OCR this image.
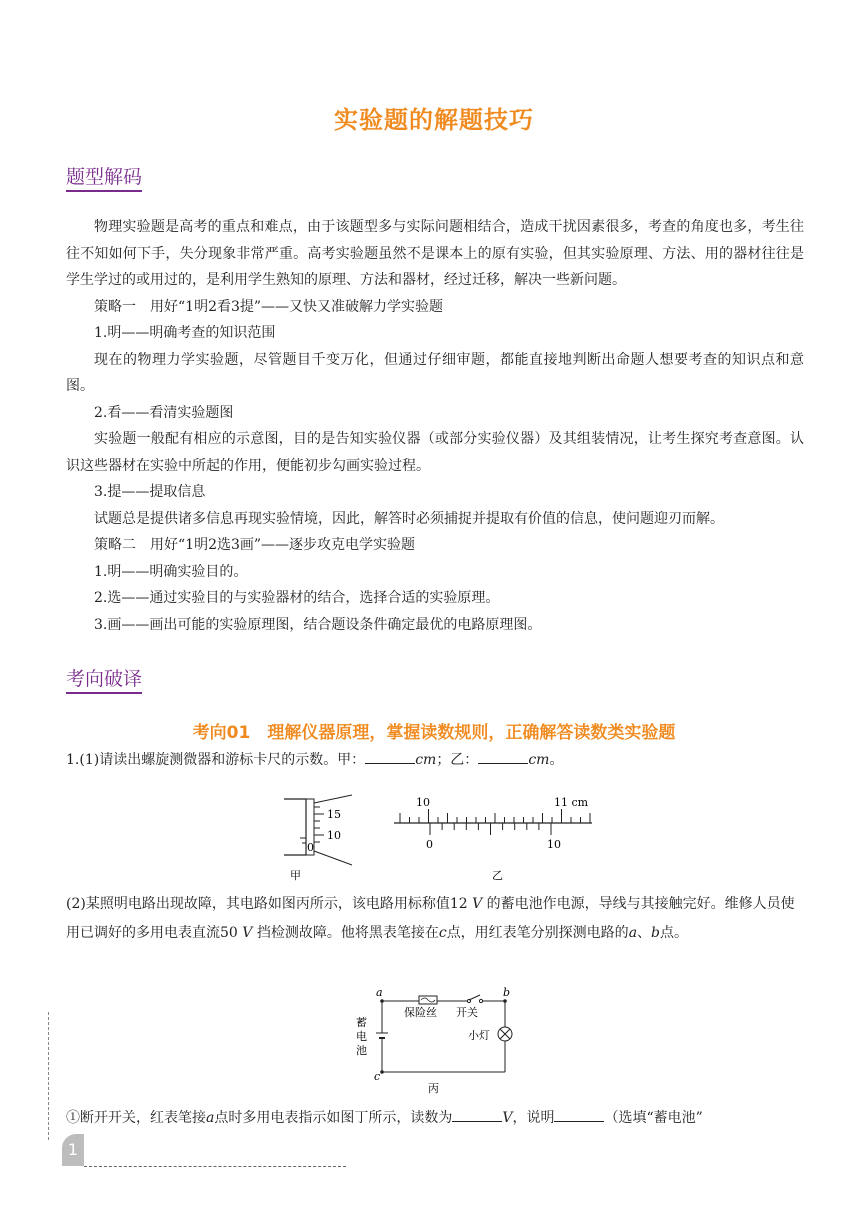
实验题的解题技巧
题型解码

物理实验题是高考的重点和难点，由于该题型多与实际问题相结合，造成干扰因素很多，考查的角度也多，考生往往不知如何下手，失分现象非常严重。高考实验题虽然不是课本上的原有实验，但其实验原理、方法、用的器材往往是学生学过的或用过的，是利用学生熟知的原理、方法和器材，经过迁移，解决一些新问题。

策略一　用好“1明2看3提”——又快又准破解力学实验题

1.明——明确考查的知识范围

现在的物理力学实验题，尽管题目千变万化，但通过仔细审题，都能直接地判断出命题人想要考查的知识点和意图。

2.看——看清实验题图

实验题一般配有相应的示意图，目的是告知实验仪器（或部分实验仪器）及其组装情况，让考生探究考查意图。认识这些器材在实验中所起的作用，便能初步勾画实验过程。

3.提——提取信息

试题总是提供诸多信息再现实验情境，因此，解答时必须捕捉并提取有价值的信息，使问题迎刃而解。

策略二　用好“1明2选3画”——逐步攻克电学实验题

1.明——明确实验目的。

2.选——通过实验目的与实验器材的结合，选择合适的实验原理。

3.画——画出可能的实验原理图，结合题设条件确定最优的电路原理图。

考向破译
考向01　理解仪器原理，掌握读数规则，正确解答读数类实验题

1.(1)请读出螺旋测微器和游标卡尺的示数。甲：	cm；乙：	cm。

15
10
0
甲
10	11 cm
0	10
乙

(2)某照明电路出现故障，其电路如图丙所示，该电路用标称值12 V 的蓄电池作电源，导线与其接触完好。维修人员使用已调好的多用电表直流50 V 挡检测故障。他将黑表笔接在c点，用红表笔分别探测电路的a、b点。

a	b
c
保险丝 开关
小灯
蓄
电
池
丙

①断开开关，红表笔接a点时多用电表指示如图丁所示，读数为	V，说明	（选填“蓄电池”

1
